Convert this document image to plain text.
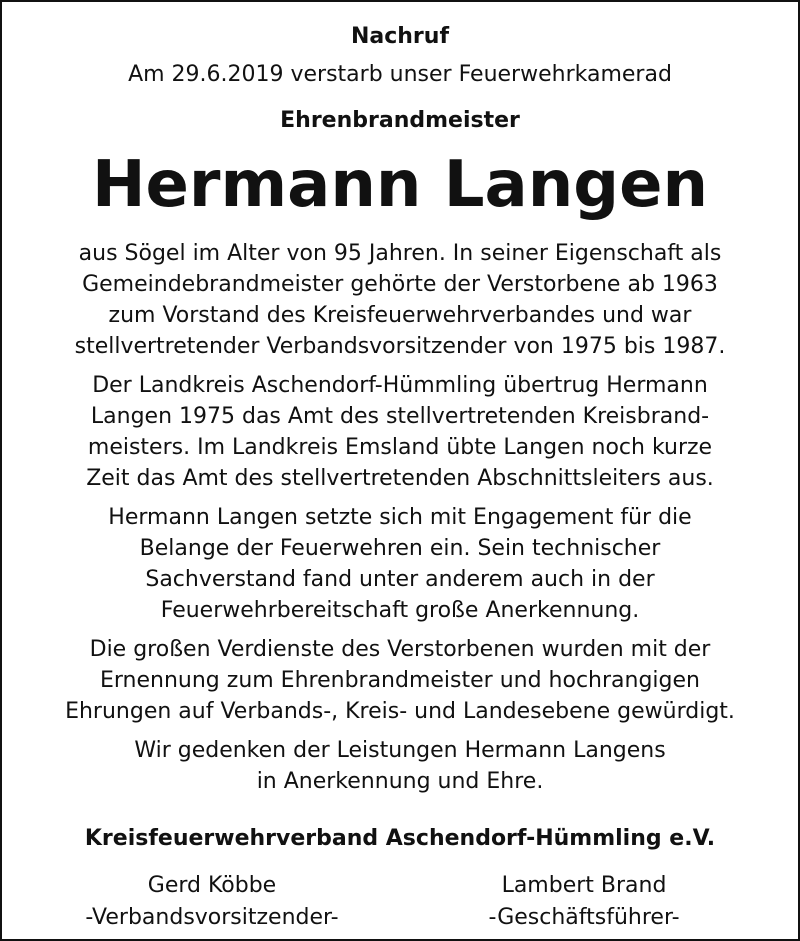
Nachruf
Am 29.6.2019 verstarb unser Feuerwehrkamerad
Ehrenbrandmeister
Hermann Langen
aus Sögel im Alter von 95 Jahren. In seiner Eigenschaft als
Gemeindebrandmeister gehörte der Verstorbene ab 1963
zum Vorstand des Kreisfeuerwehrverbandes und war
stellvertretender Verbandsvorsitzender von 1975 bis 1987.
Der Landkreis Aschendorf-Hümmling übertrug Hermann
Langen 1975 das Amt des stellvertretenden Kreisbrand-
meisters. Im Landkreis Emsland übte Langen noch kurze
Zeit das Amt des stellvertretenden Abschnittsleiters aus.
Hermann Langen setzte sich mit Engagement für die
Belange der Feuerwehren ein. Sein technischer
Sachverstand fand unter anderem auch in der
Feuerwehrbereitschaft große Anerkennung.
Die großen Verdienste des Verstorbenen wurden mit der
Ernennung zum Ehrenbrandmeister und hochrangigen
Ehrungen auf Verbands-, Kreis- und Landesebene gewürdigt.
Wir gedenken der Leistungen Hermann Langens
in Anerkennung und Ehre.
Kreisfeuerwehrverband Aschendorf-Hümmling e.V.
Gerd Köbbe
-Verbandsvorsitzender-
Lambert Brand
-Geschäftsführer-
